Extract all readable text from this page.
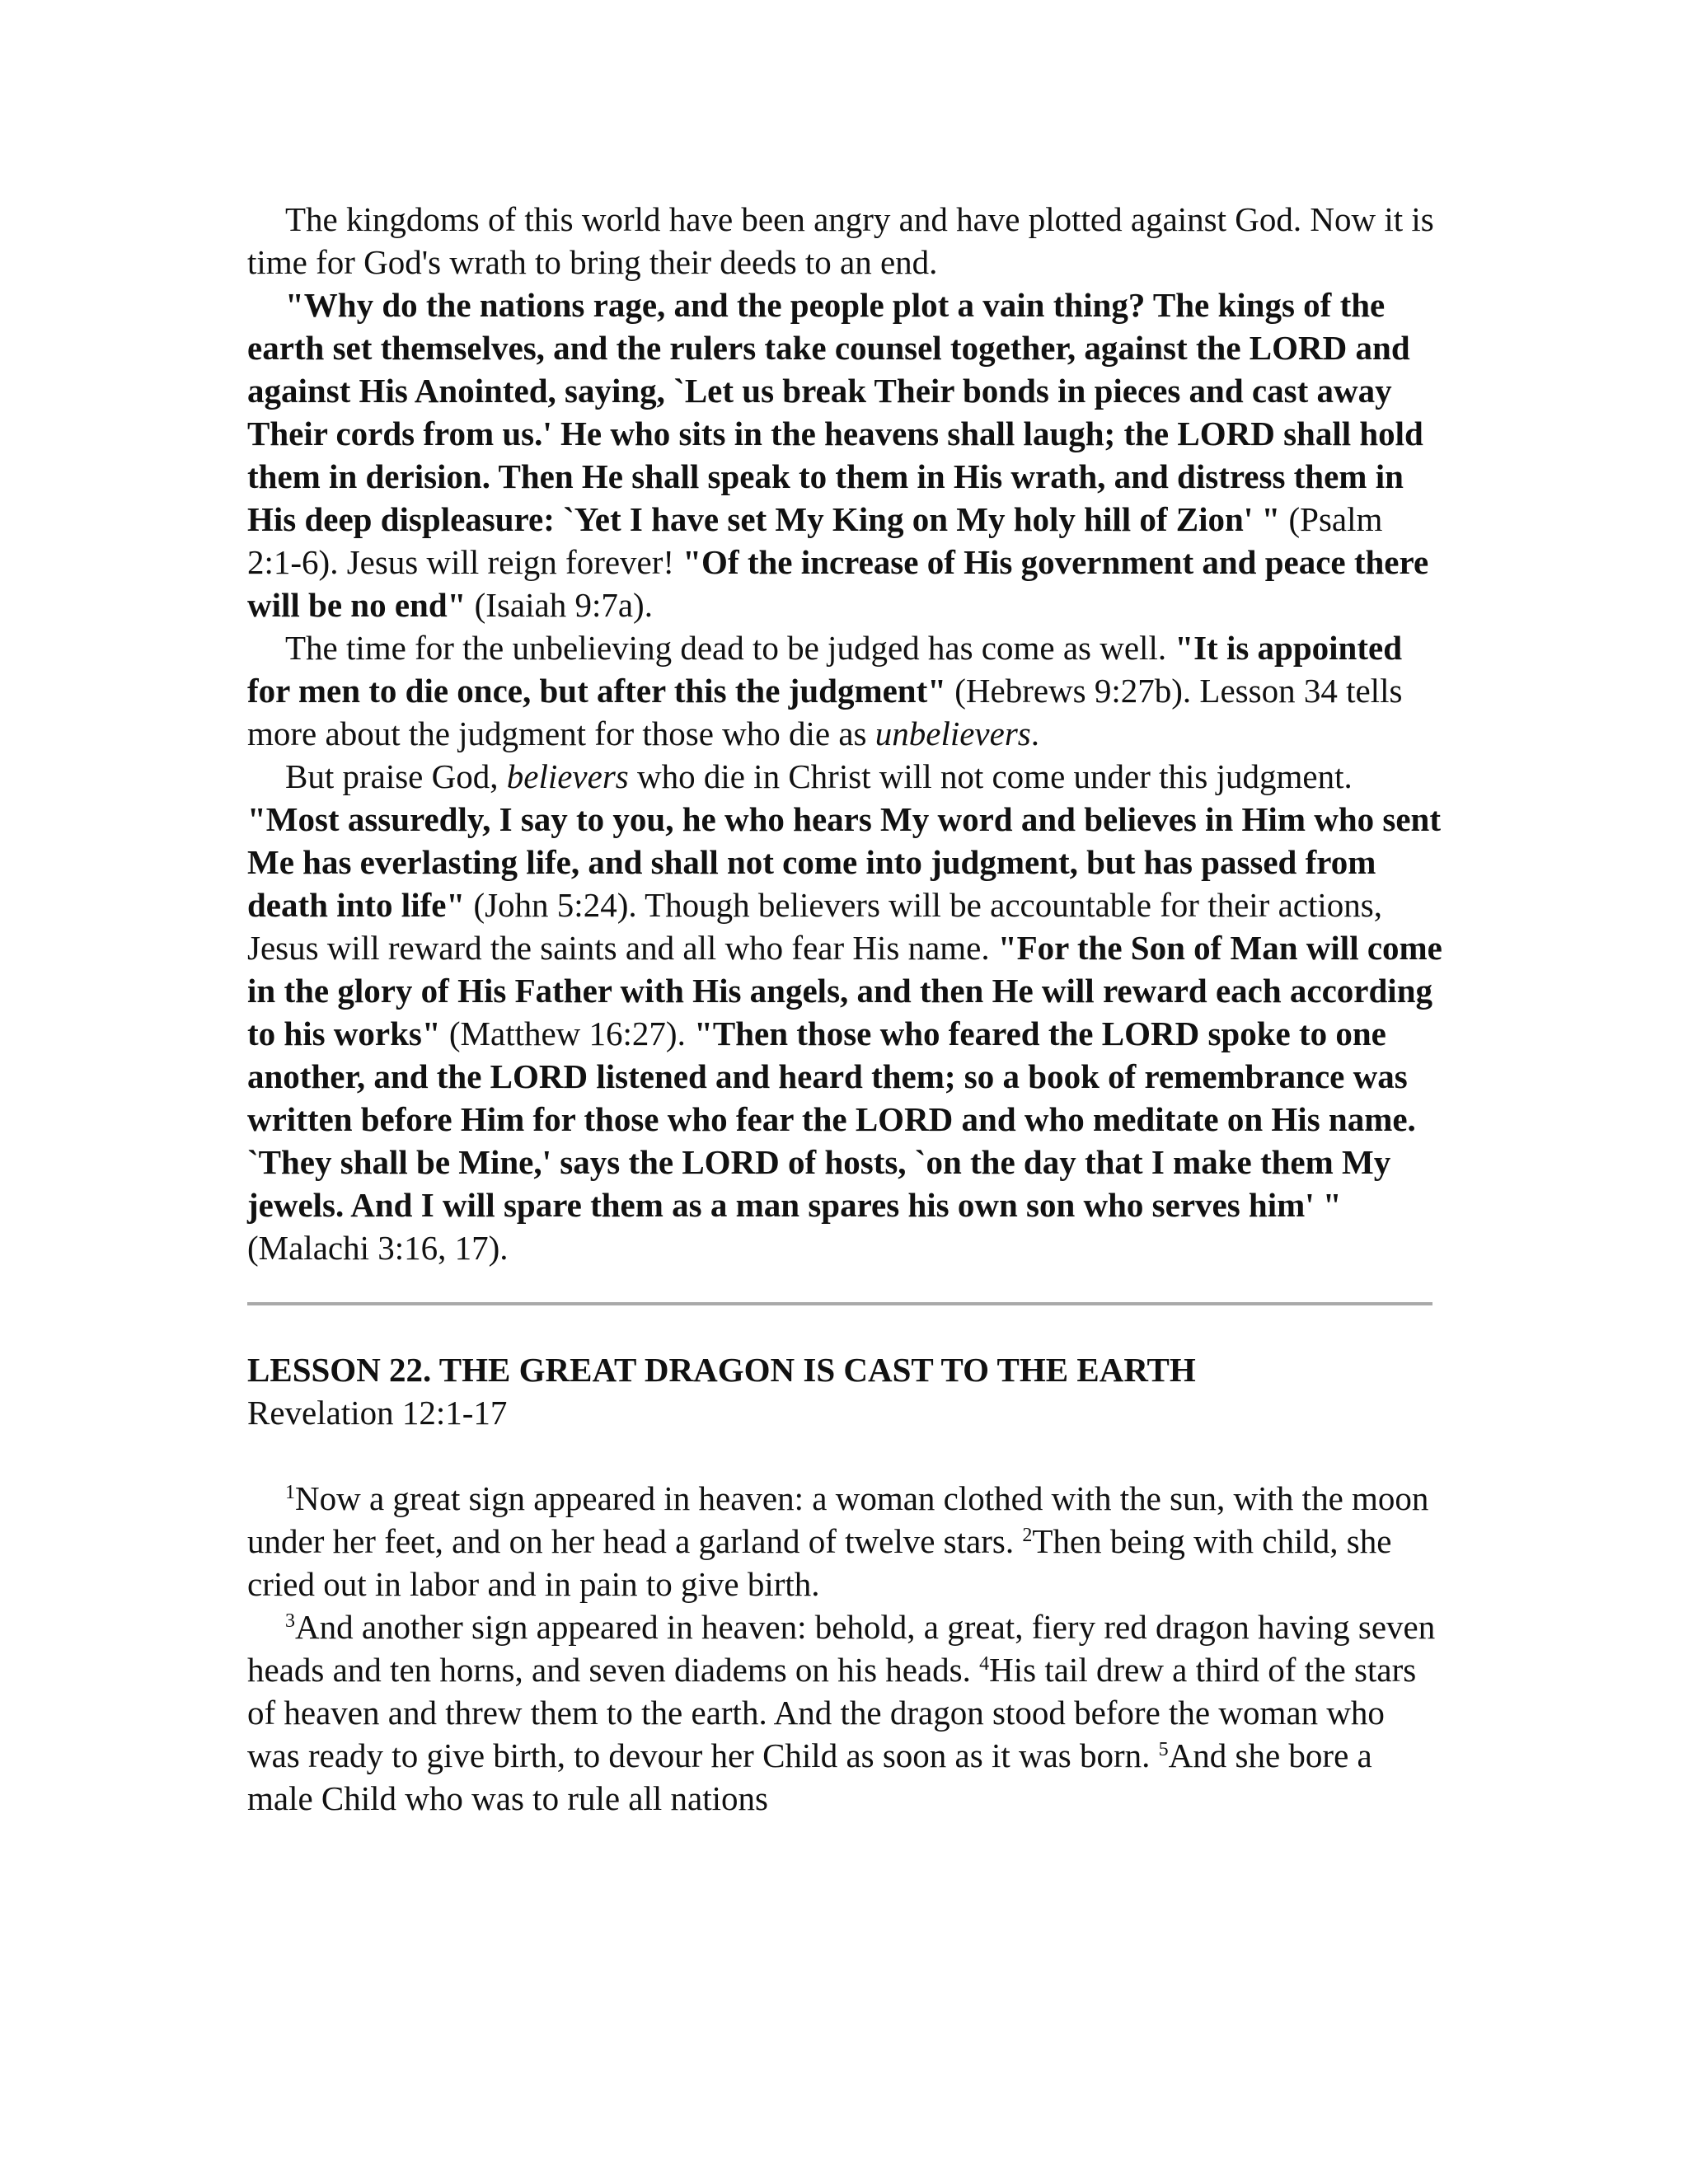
The kingdoms of this world have been angry and have plotted against God. Now it is time for God's wrath to bring their deeds to an end.

"Why do the nations rage, and the people plot a vain thing? The kings of the earth set themselves, and the rulers take counsel together, against the LORD and against His Anointed, saying, `Let us break Their bonds in pieces and cast away Their cords from us.' He who sits in the heavens shall laugh; the LORD shall hold them in derision. Then He shall speak to them in His wrath, and distress them in His deep displeasure: `Yet I have set My King on My holy hill of Zion' " (Psalm 2:1-6). Jesus will reign forever! "Of the increase of His government and peace there will be no end" (Isaiah 9:7a).

The time for the unbelieving dead to be judged has come as well. "It is appointed for men to die once, but after this the judgment" (Hebrews 9:27b). Lesson 34 tells more about the judgment for those who die as unbelievers.

But praise God, believers who die in Christ will not come under this judgment. "Most assuredly, I say to you, he who hears My word and believes in Him who sent Me has everlasting life, and shall not come into judgment, but has passed from death into life" (John 5:24). Though believers will be accountable for their actions, Jesus will reward the saints and all who fear His name. "For the Son of Man will come in the glory of His Father with His angels, and then He will reward each according to his works" (Matthew 16:27). "Then those who feared the LORD spoke to one another, and the LORD listened and heard them; so a book of remembrance was written before Him for those who fear the LORD and who meditate on His name. `They shall be Mine,' says the LORD of hosts, `on the day that I make them My jewels. And I will spare them as a man spares his own son who serves him' " (Malachi 3:16, 17).

LESSON 22. THE GREAT DRAGON IS CAST TO THE EARTH
Revelation 12:1-17

$^1$Now a great sign appeared in heaven: a woman clothed with the sun, with the moon under her feet, and on her head a garland of twelve stars. $^2$Then being with child, she cried out in labor and in pain to give birth.

$^3$And another sign appeared in heaven: behold, a great, fiery red dragon having seven heads and ten horns, and seven diadems on his heads. $^4$His tail drew a third of the stars of heaven and threw them to the earth. And the dragon stood before the woman who was ready to give birth, to devour her Child as soon as it was born. $^5$And she bore a male Child who was to rule all nations
